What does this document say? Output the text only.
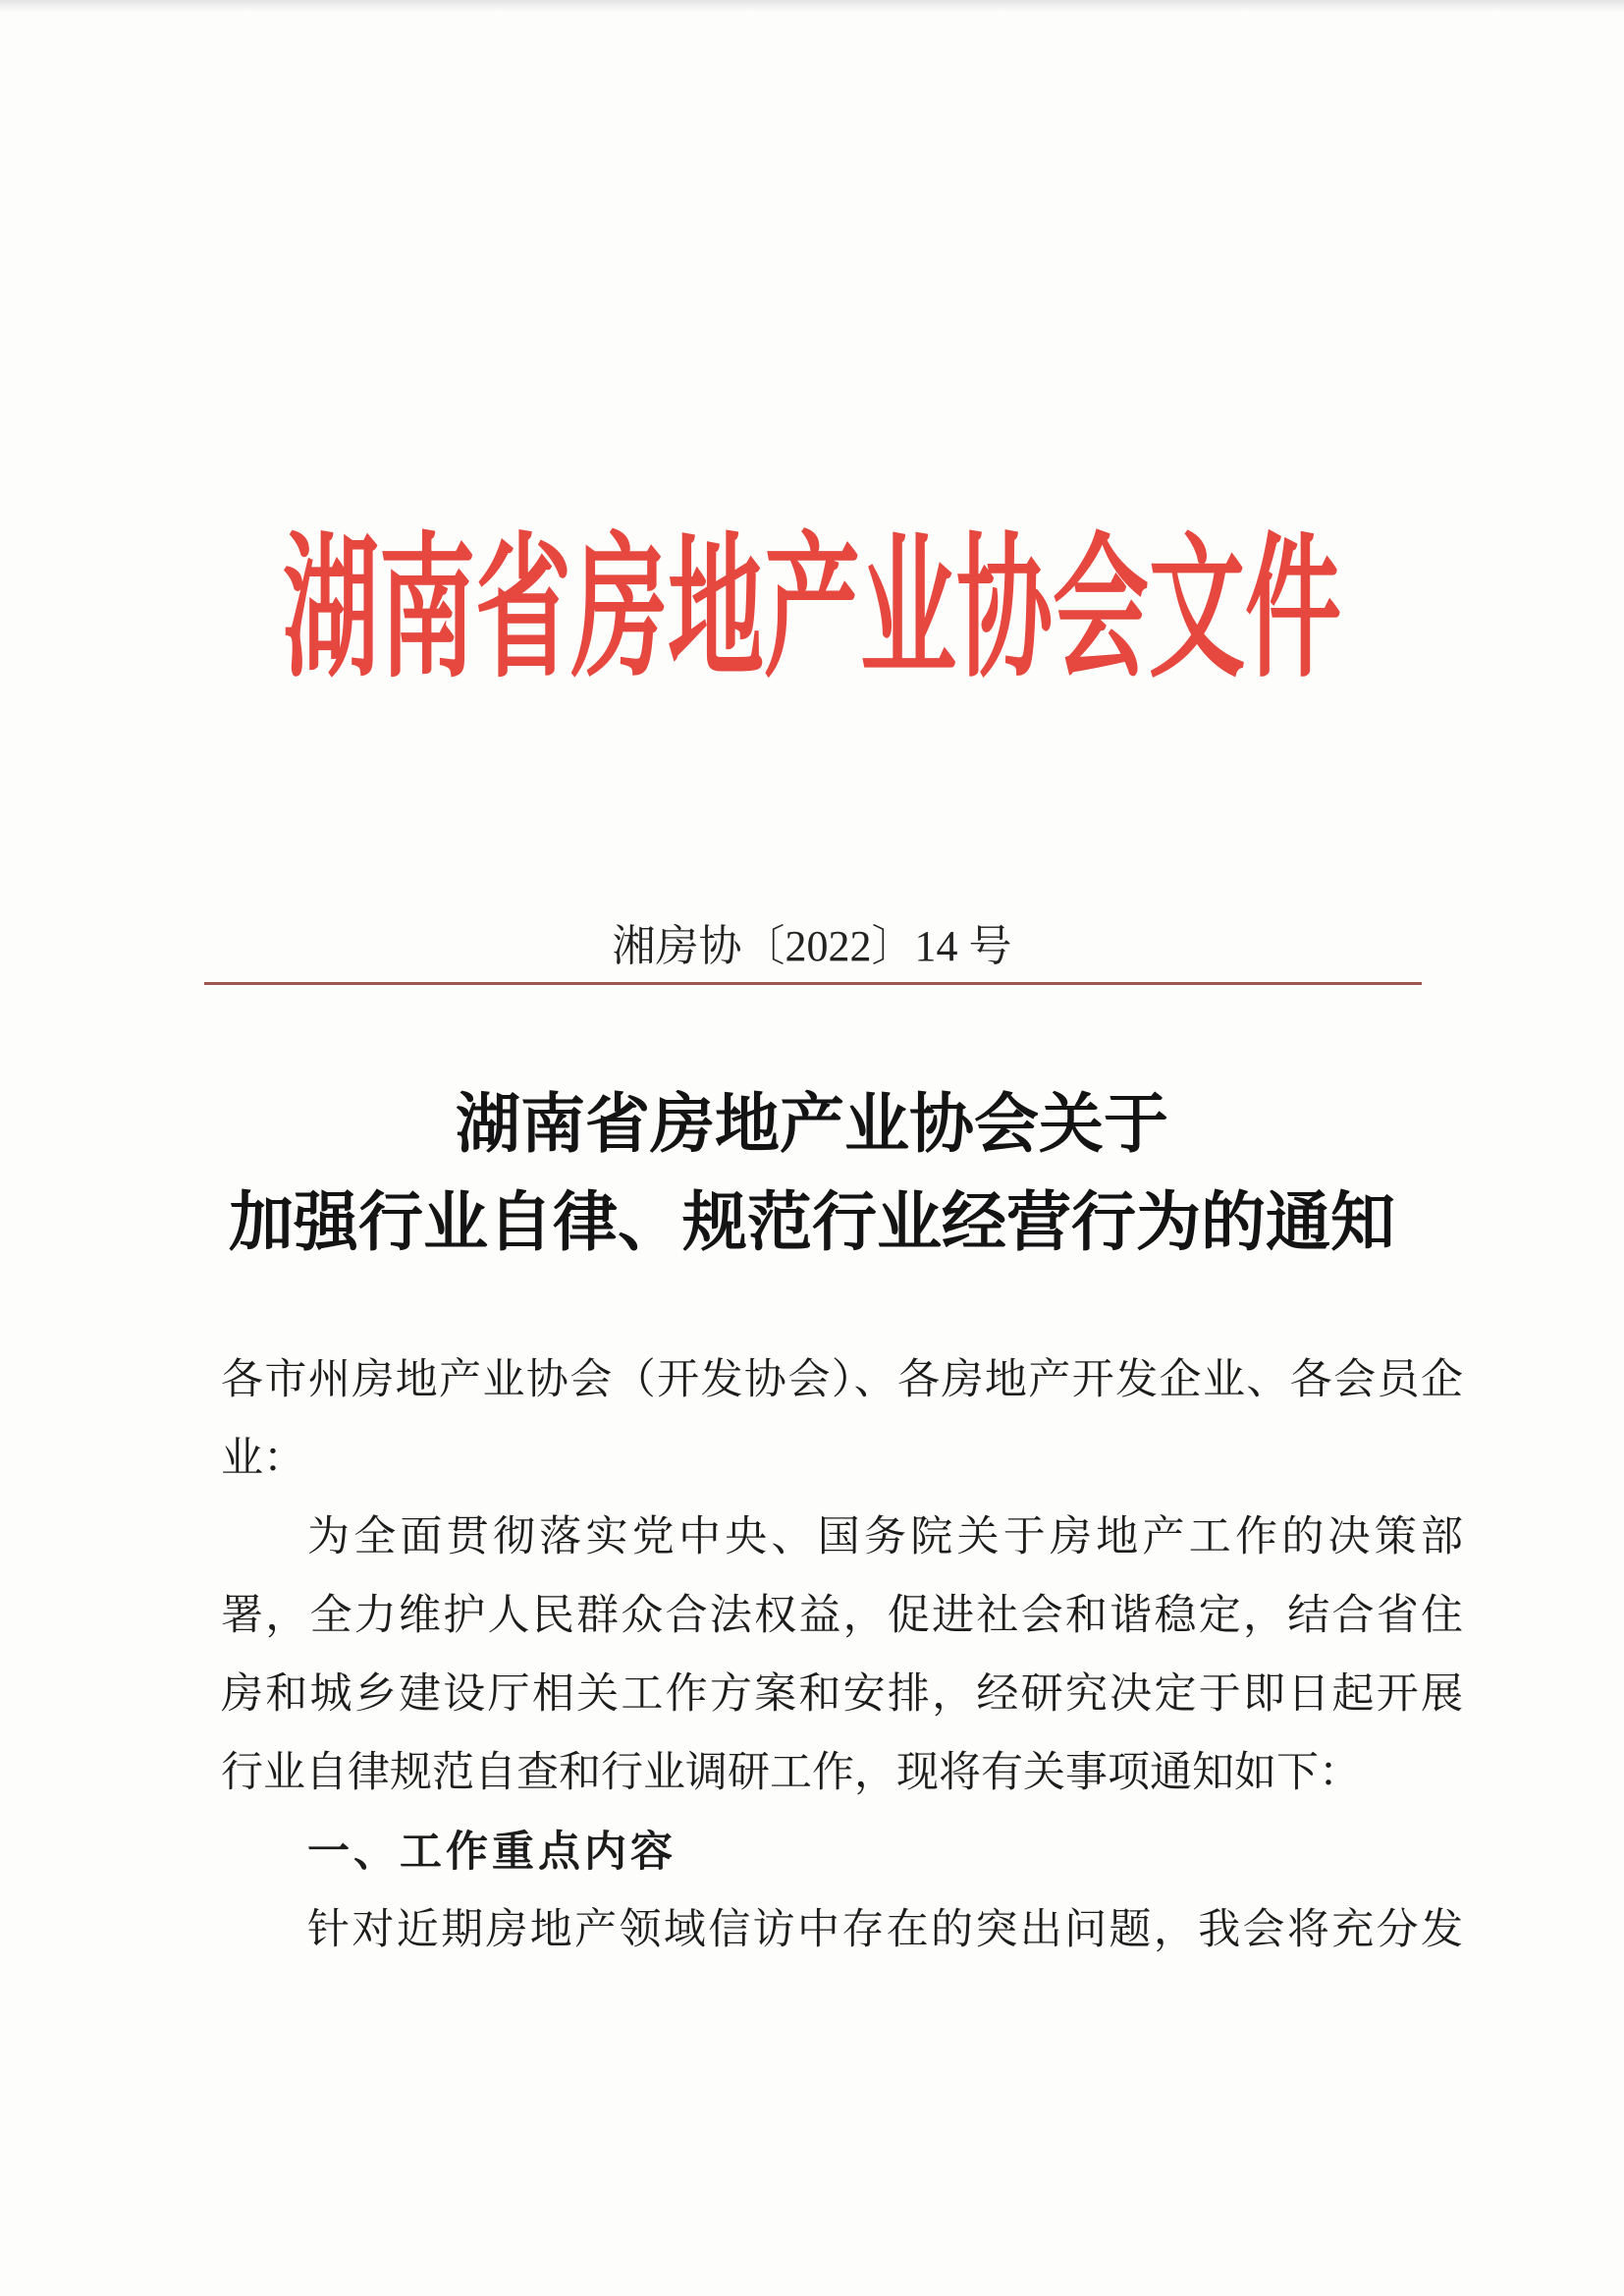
湖南省房地产业协会文件
湘房协〔2022〕14 号
湖南省房地产业协会关于
加强行业自律、规范行业经营行为的通知
各市州房地产业协会（开发协会）、各房地产开发企业、各会员企
业：
为全面贯彻落实党中央、国务院关于房地产工作的决策部
署，全力维护人民群众合法权益，促进社会和谐稳定，结合省住
房和城乡建设厅相关工作方案和安排，经研究决定于即日起开展
行业自律规范自查和行业调研工作，现将有关事项通知如下：
一、工作重点内容
针对近期房地产领域信访中存在的突出问题，我会将充分发
